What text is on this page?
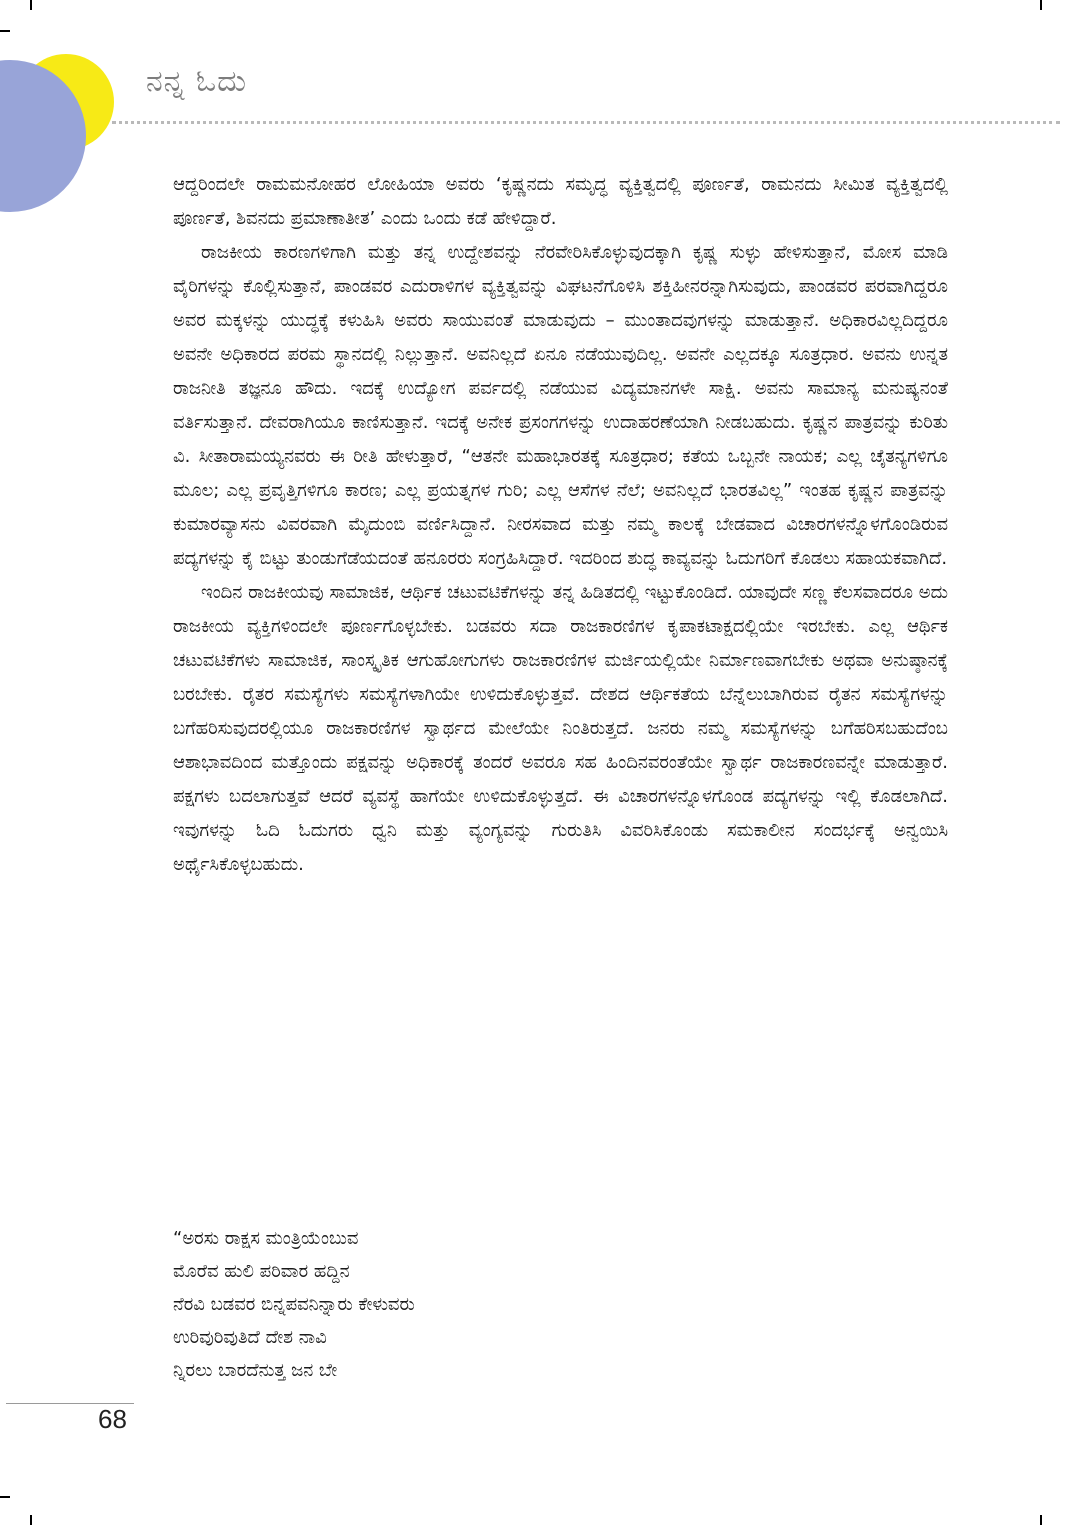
ನನ್ನ ಓದು

ಆದ್ದರಿಂದಲೇ ರಾಮಮನೋಹರ ಲೋಹಿಯಾ ಅವರು ‘ಕೃಷ್ಣನದು ಸಮೃದ್ಧ ವ್ಯಕ್ತಿತ್ವದಲ್ಲಿ ಪೂರ್ಣತೆ, ರಾಮನದು ಸೀಮಿತ ವ್ಯಕ್ತಿತ್ವದಲ್ಲಿ ಪೂರ್ಣತೆ, ಶಿವನದು ಪ್ರಮಾಣಾತೀತ’ ಎಂದು ಒಂದು ಕಡೆ ಹೇಳಿದ್ದಾರೆ.

ರಾಜಕೀಯ ಕಾರಣಗಳಿಗಾಗಿ ಮತ್ತು ತನ್ನ ಉದ್ದೇಶವನ್ನು ನೆರವೇರಿಸಿಕೊಳ್ಳುವುದಕ್ಕಾಗಿ ಕೃಷ್ಣ ಸುಳ್ಳು ಹೇಳಿಸುತ್ತಾನೆ, ಮೋಸ ಮಾಡಿ ವೈರಿಗಳನ್ನು ಕೊಲ್ಲಿಸುತ್ತಾನೆ, ಪಾಂಡವರ ಎದುರಾಳಿಗಳ ವ್ಯಕ್ತಿತ್ವವನ್ನು ವಿಘಟನೆಗೊಳಿಸಿ ಶಕ್ತಿಹೀನರನ್ನಾಗಿಸುವುದು, ಪಾಂಡವರ ಪರವಾಗಿದ್ದರೂ ಅವರ ಮಕ್ಕಳನ್ನು ಯುದ್ಧಕ್ಕೆ ಕಳುಹಿಸಿ ಅವರು ಸಾಯುವಂತೆ ಮಾಡುವುದು – ಮುಂತಾದವುಗಳನ್ನು ಮಾಡುತ್ತಾನೆ. ಅಧಿಕಾರವಿಲ್ಲದಿದ್ದರೂ ಅವನೇ ಅಧಿಕಾರದ ಪರಮ ಸ್ಥಾನದಲ್ಲಿ ನಿಲ್ಲುತ್ತಾನೆ. ಅವನಿಲ್ಲದೆ ಏನೂ ನಡೆಯುವುದಿಲ್ಲ. ಅವನೇ ಎಲ್ಲದಕ್ಕೂ ಸೂತ್ರಧಾರ. ಅವನು ಉನ್ನತ ರಾಜನೀತಿ ತಜ್ಞನೂ ಹೌದು. ಇದಕ್ಕೆ ಉದ್ಯೋಗ ಪರ್ವದಲ್ಲಿ ನಡೆಯುವ ವಿದ್ಯಮಾನಗಳೇ ಸಾಕ್ಷಿ. ಅವನು ಸಾಮಾನ್ಯ ಮನುಷ್ಯನಂತೆ ವರ್ತಿಸುತ್ತಾನೆ. ದೇವರಾಗಿಯೂ ಕಾಣಿಸುತ್ತಾನೆ. ಇದಕ್ಕೆ ಅನೇಕ ಪ್ರಸಂಗಗಳನ್ನು ಉದಾಹರಣೆಯಾಗಿ ನೀಡಬಹುದು. ಕೃಷ್ಣನ ಪಾತ್ರವನ್ನು ಕುರಿತು ವಿ. ಸೀತಾರಾಮಯ್ಯನವರು ಈ ರೀತಿ ಹೇಳುತ್ತಾರೆ, “ಆತನೇ ಮಹಾಭಾರತಕ್ಕೆ ಸೂತ್ರಧಾರ; ಕತೆಯ ಒಬ್ಬನೇ ನಾಯಕ; ಎಲ್ಲ ಚೈತನ್ಯಗಳಿಗೂ ಮೂಲ; ಎಲ್ಲ ಪ್ರವೃತ್ತಿಗಳಿಗೂ ಕಾರಣ; ಎಲ್ಲ ಪ್ರಯತ್ನಗಳ ಗುರಿ; ಎಲ್ಲ ಆಸೆಗಳ ನೆಲೆ; ಅವನಿಲ್ಲದೆ ಭಾರತವಿಲ್ಲ” ಇಂತಹ ಕೃಷ್ಣನ ಪಾತ್ರವನ್ನು ಕುಮಾರವ್ಯಾಸನು ವಿವರವಾಗಿ ಮೈದುಂಬಿ ವರ್ಣಿಸಿದ್ದಾನೆ. ನೀರಸವಾದ ಮತ್ತು ನಮ್ಮ ಕಾಲಕ್ಕೆ ಬೇಡವಾದ ವಿಚಾರಗಳನ್ನೊಳಗೊಂಡಿರುವ ಪದ್ಯಗಳನ್ನು ಕೈ ಬಿಟ್ಟು ತುಂಡುಗೆಡೆಯದಂತೆ ಹನೂರರು ಸಂಗ್ರಹಿಸಿದ್ದಾರೆ. ಇದರಿಂದ ಶುದ್ಧ ಕಾವ್ಯವನ್ನು ಓದುಗರಿಗೆ ಕೊಡಲು ಸಹಾಯಕವಾಗಿದೆ.

ಇಂದಿನ ರಾಜಕೀಯವು ಸಾಮಾಜಿಕ, ಆರ್ಥಿಕ ಚಟುವಟಿಕೆಗಳನ್ನು ತನ್ನ ಹಿಡಿತದಲ್ಲಿ ಇಟ್ಟುಕೊಂಡಿದೆ. ಯಾವುದೇ ಸಣ್ಣ ಕೆಲಸವಾದರೂ ಅದು ರಾಜಕೀಯ ವ್ಯಕ್ತಿಗಳಿಂದಲೇ ಪೂರ್ಣಗೊಳ್ಳಬೇಕು. ಬಡವರು ಸದಾ ರಾಜಕಾರಣಿಗಳ ಕೃಪಾಕಟಾಕ್ಷದಲ್ಲಿಯೇ ಇರಬೇಕು. ಎಲ್ಲ ಆರ್ಥಿಕ ಚಟುವಟಿಕೆಗಳು ಸಾಮಾಜಿಕ, ಸಾಂಸ್ಕೃತಿಕ ಆಗುಹೋಗುಗಳು ರಾಜಕಾರಣಿಗಳ ಮರ್ಜಿಯಲ್ಲಿಯೇ ನಿರ್ಮಾಣವಾಗಬೇಕು ಅಥವಾ ಅನುಷ್ಠಾನಕ್ಕೆ ಬರಬೇಕು. ರೈತರ ಸಮಸ್ಯೆಗಳು ಸಮಸ್ಯೆಗಳಾಗಿಯೇ ಉಳಿದುಕೊಳ್ಳುತ್ತವೆ. ದೇಶದ ಆರ್ಥಿಕತೆಯ ಬೆನ್ನೆಲುಬಾಗಿರುವ ರೈತನ ಸಮಸ್ಯೆಗಳನ್ನು ಬಗೆಹರಿಸುವುದರಲ್ಲಿಯೂ ರಾಜಕಾರಣಿಗಳ ಸ್ವಾರ್ಥದ ಮೇಲೆಯೇ ನಿಂತಿರುತ್ತದೆ. ಜನರು ನಮ್ಮ ಸಮಸ್ಯೆಗಳನ್ನು ಬಗೆಹರಿಸಬಹುದೆಂಬ ಆಶಾಭಾವದಿಂದ ಮತ್ತೊಂದು ಪಕ್ಷವನ್ನು ಅಧಿಕಾರಕ್ಕೆ ತಂದರೆ ಅವರೂ ಸಹ ಹಿಂದಿನವರಂತೆಯೇ ಸ್ವಾರ್ಥ ರಾಜಕಾರಣವನ್ನೇ ಮಾಡುತ್ತಾರೆ. ಪಕ್ಷಗಳು ಬದಲಾಗುತ್ತವೆ ಆದರೆ ವ್ಯವಸ್ಥೆ ಹಾಗೆಯೇ ಉಳಿದುಕೊಳ್ಳುತ್ತದೆ. ಈ ವಿಚಾರಗಳನ್ನೊಳಗೊಂಡ ಪದ್ಯಗಳನ್ನು ಇಲ್ಲಿ ಕೊಡಲಾಗಿದೆ. ಇವುಗಳನ್ನು ಓದಿ ಓದುಗರು ಧ್ವನಿ ಮತ್ತು ವ್ಯಂಗ್ಯವನ್ನು ಗುರುತಿಸಿ ವಿವರಿಸಿಕೊಂಡು ಸಮಕಾಲೀನ ಸಂದರ್ಭಕ್ಕೆ ಅನ್ವಯಿಸಿ ಅರ್ಥೈಸಿಕೊಳ್ಳಬಹುದು.

“ಅರಸು ರಾಕ್ಷಸ ಮಂತ್ರಿಯೆಂಬುವ
ಮೊರೆವ ಹುಲಿ ಪರಿವಾರ ಹದ್ದಿನ
ನೆರವಿ ಬಡವರ ಬಿನ್ನಪವನಿನ್ನಾರು ಕೇಳುವರು
ಉರಿವುರಿವುತಿದೆ ದೇಶ ನಾವಿ
ನ್ನಿರಲು ಬಾರದೆನುತ್ತ ಜನ ಬೇ
68
